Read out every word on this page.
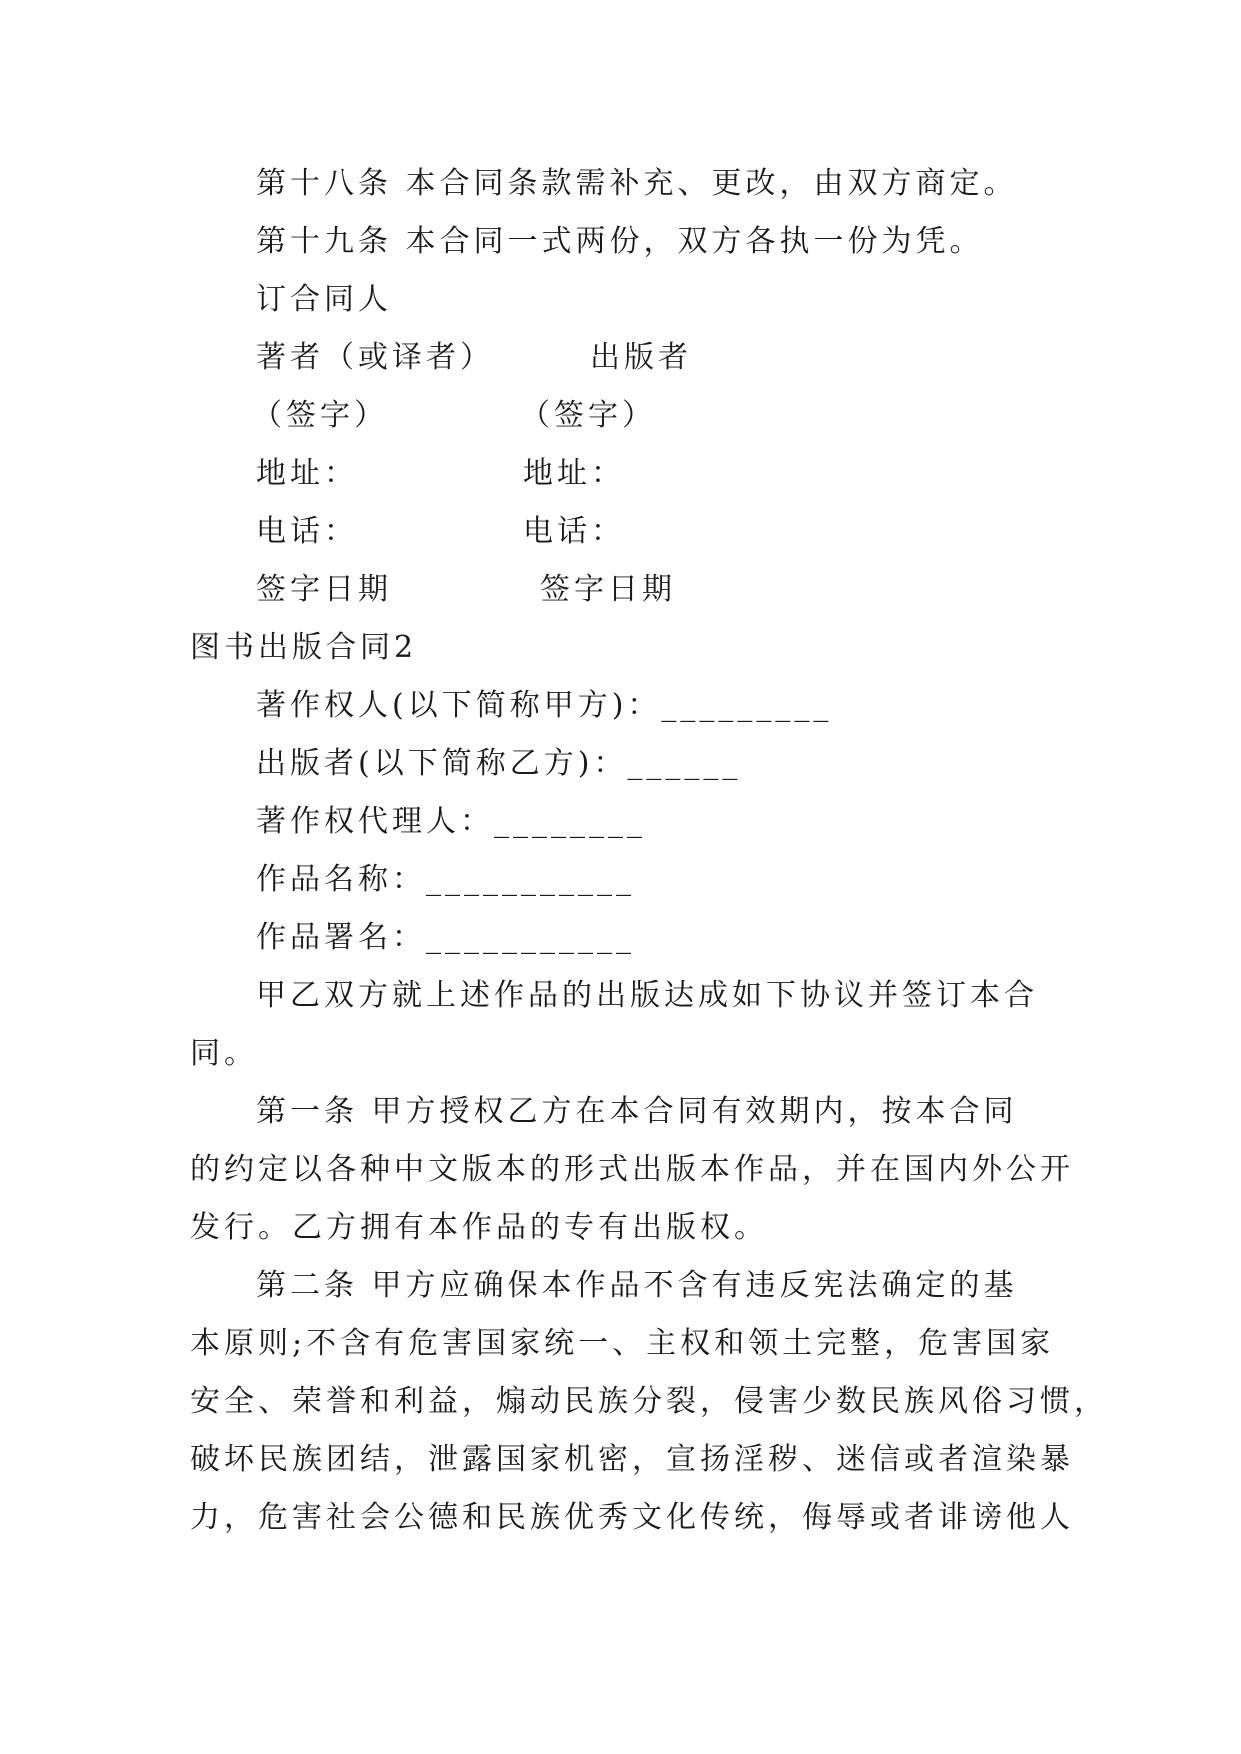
第十八条 本合同条款需补充、更改，由双方商定。
第十九条 本合同一式两份，双方各执一份为凭。
订合同人
著者（或译者）	出版者
（签字）	（签字）
地址：	地址：
电话：	电话：
签字日期	签字日期
图书出版合同2
著作权人(以下简称甲方)：_________
出版者(以下简称乙方)：______
著作权代理人：________
作品名称：___________
作品署名：___________
甲乙双方就上述作品的出版达成如下协议并签订本合
同。
第一条 甲方授权乙方在本合同有效期内，按本合同
的约定以各种中文版本的形式出版本作品，并在国内外公开
发行。乙方拥有本作品的专有出版权。
第二条 甲方应确保本作品不含有违反宪法确定的基
本原则;不含有危害国家统一、主权和领土完整，危害国家
安全、荣誉和利益，煽动民族分裂，侵害少数民族风俗习惯，
破坏民族团结，泄露国家机密，宣扬淫秽、迷信或者渲染暴
力，危害社会公德和民族优秀文化传统，侮辱或者诽谤他人
